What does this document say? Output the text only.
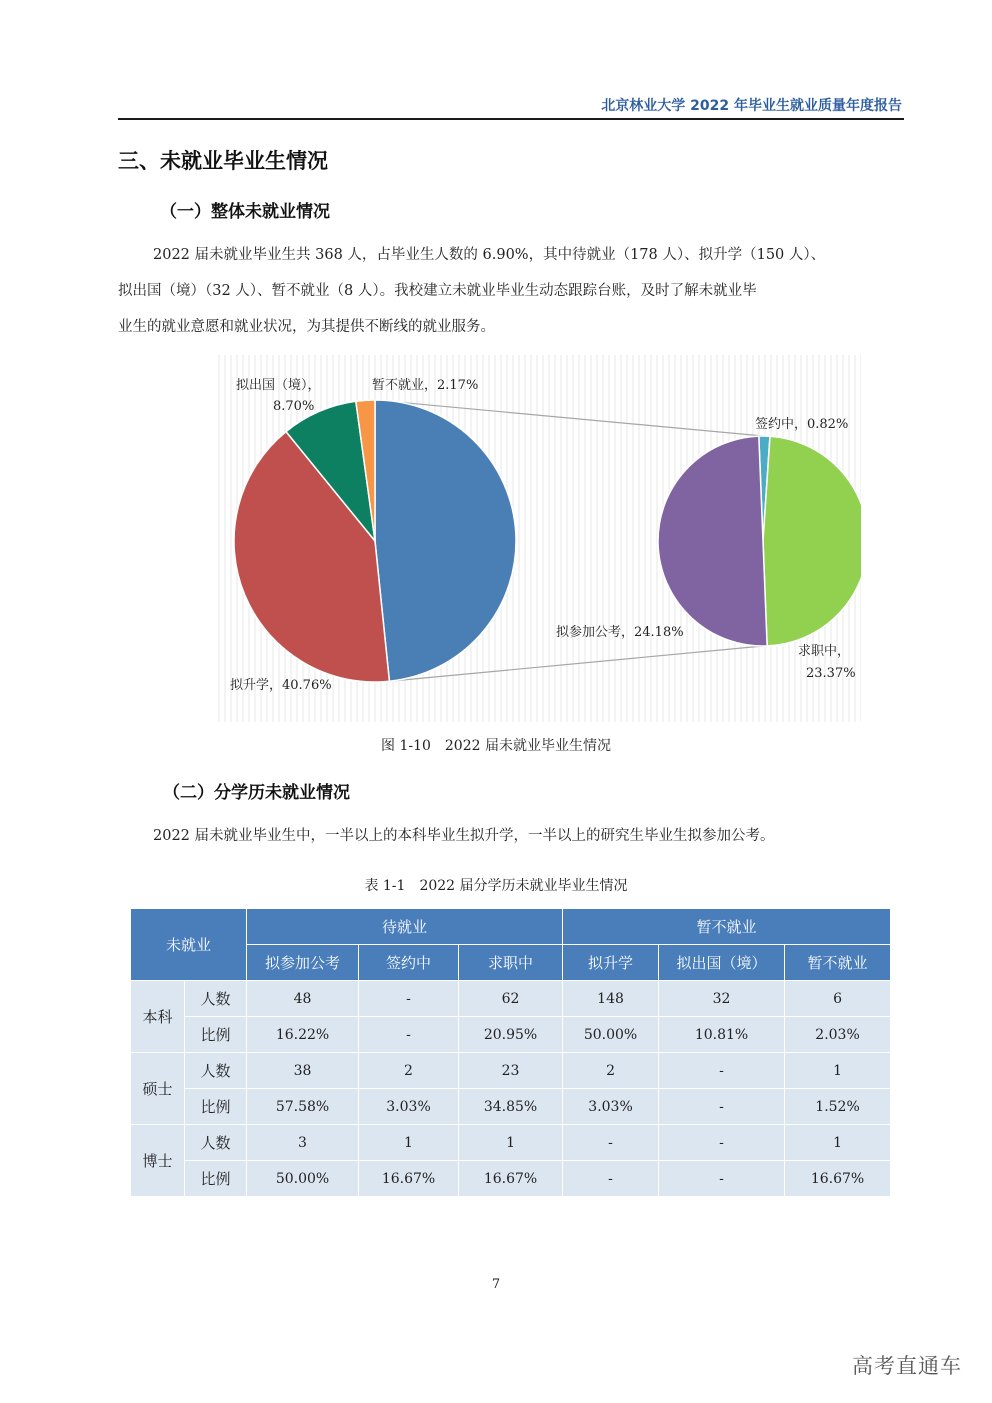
北京林业大学 2022 年毕业生就业质量年度报告
三、未就业毕业生情况
（一）整体未就业情况
2022 届未就业毕业生共 368 人，占毕业生人数的 6.90%，其中待就业（178 人）、拟升学（150 人）、
拟出国（境）（32 人）、暂不就业（8 人）。我校建立未就业毕业生动态跟踪台账，及时了解未就业毕
业生的就业意愿和就业状况，为其提供不断线的就业服务。
拟出国（境），
8.70%
暂不就业，2.17%
拟升学，40.76%
签约中，0.82%
拟参加公考，24.18%
求职中，
23.37%
图 1-10　2022 届未就业毕业生情况
（二）分学历未就业情况
2022 届未就业毕业生中，一半以上的本科毕业生拟升学，一半以上的研究生毕业生拟参加公考。
表 1-1　2022 届分学历未就业毕业生情况
未就业		待就业			暂不就业		
		拟参加公考	签约中	求职中	拟升学	拟出国（境）	暂不就业
本科	人数	48	-	62	148	32	6
	比例	16.22%	-	20.95%	50.00%	10.81%	2.03%
硕士	人数	38	2	23	2	-	1
	比例	57.58%	3.03%	34.85%	3.03%	-	1.52%
博士	人数	3	1	1	-	-	1
	比例	50.00%	16.67%	16.67%	-	-	16.67%
7
高考直通车
